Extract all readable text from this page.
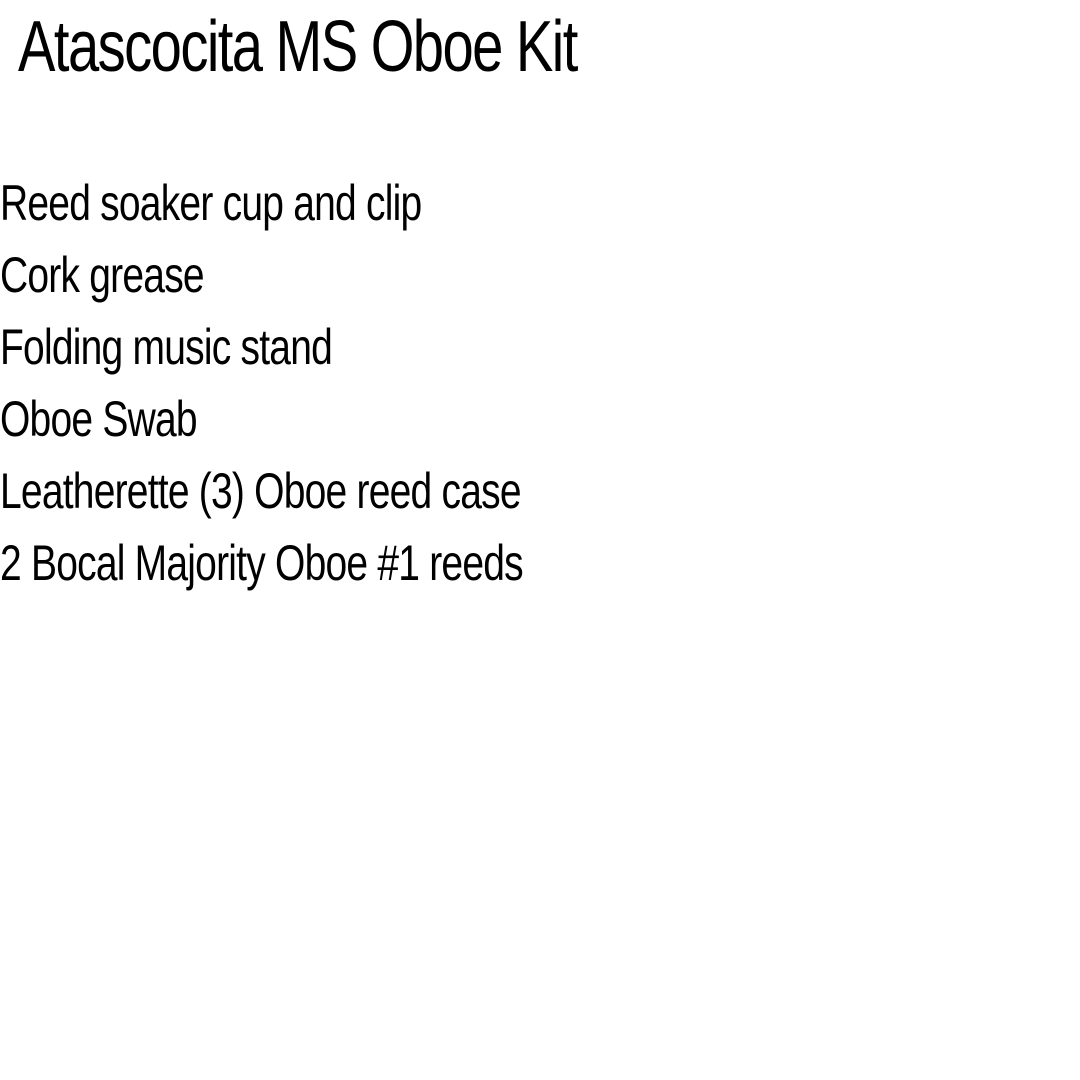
Atascocita MS Oboe Kit
Reed soaker cup and clip
Cork grease
Folding music stand
Oboe Swab
Leatherette (3) Oboe reed case
2 Bocal Majority Oboe #1 reeds
